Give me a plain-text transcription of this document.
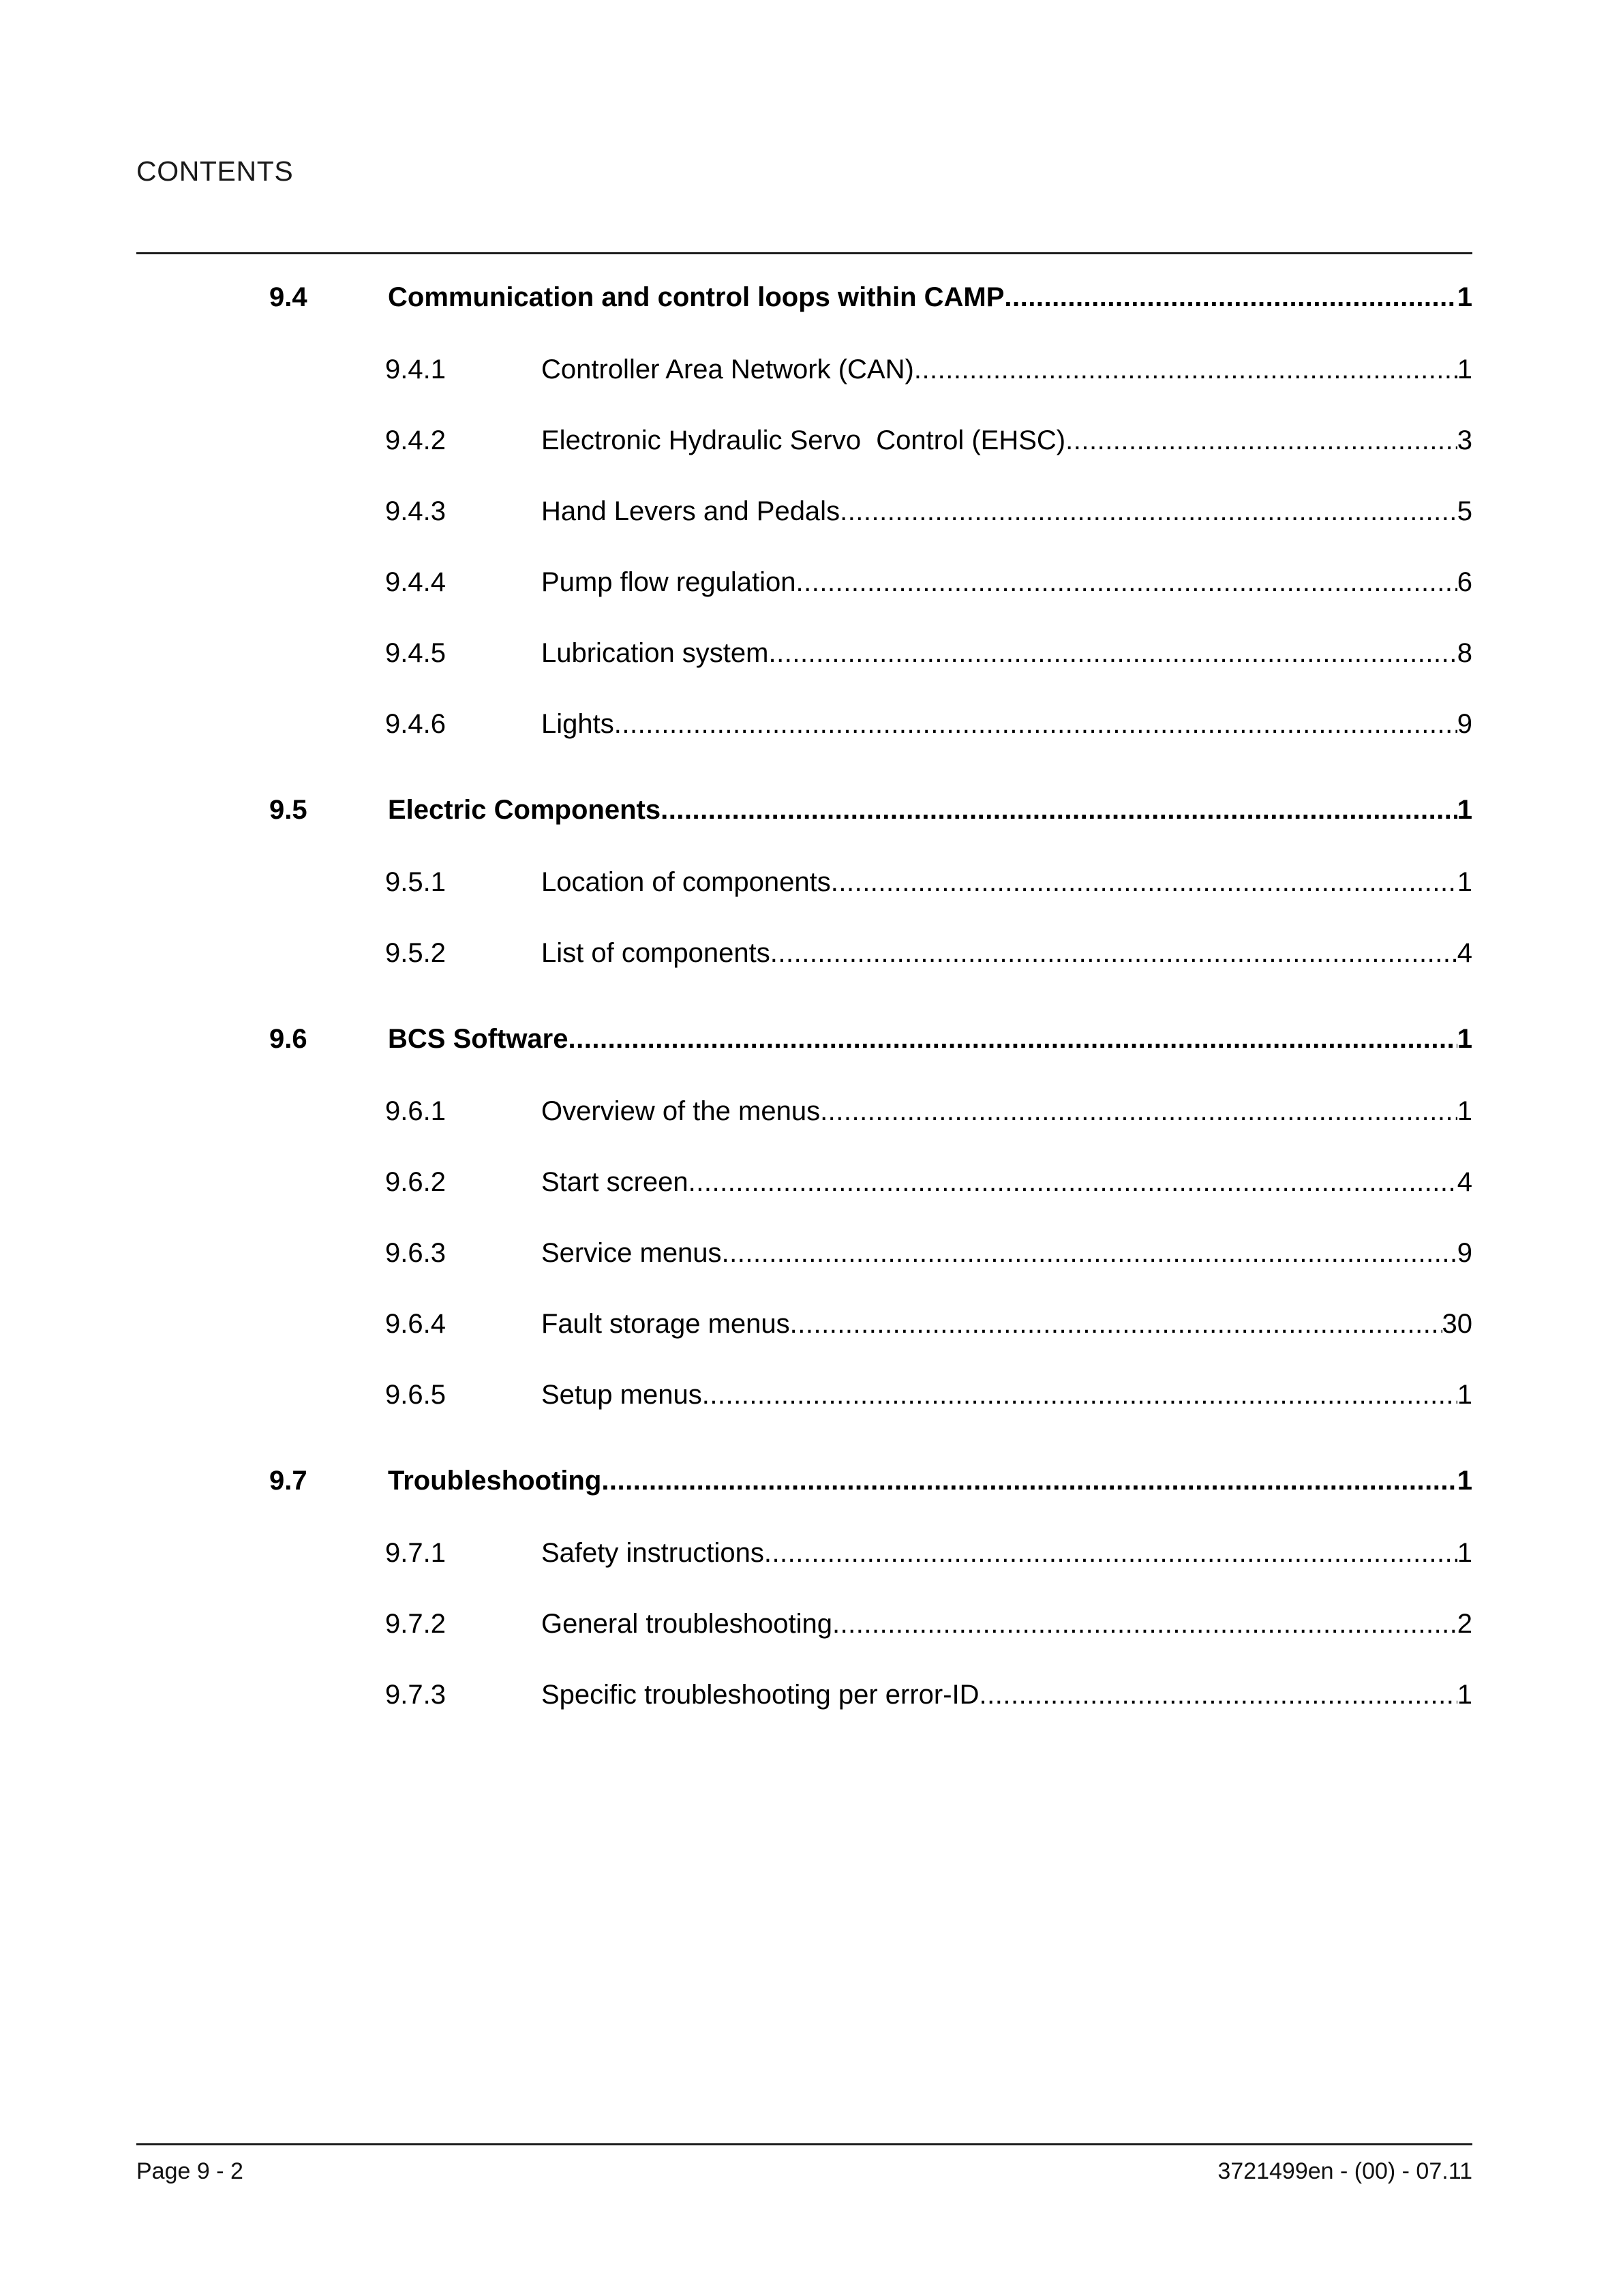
CONTENTS
9.4	Communication and control loops within CAMP .....	1
9.4.1	Controller Area Network (CAN) .....	1
9.4.2	Electronic Hydraulic Servo  Control (EHSC) .....	3
9.4.3	Hand Levers and Pedals .....	5
9.4.4	Pump flow regulation .....	6
9.4.5	Lubrication system .....	8
9.4.6	Lights .....	9
9.5	Electric Components .....	1
9.5.1	Location of components .....	1
9.5.2	List of components .....	4
9.6	BCS Software .....	1
9.6.1	Overview of the menus .....	1
9.6.2	Start screen .....	4
9.6.3	Service menus .....	9
9.6.4	Fault storage menus .....	30
9.6.5	Setup menus .....	1
9.7	Troubleshooting .....	1
9.7.1	Safety instructions .....	1
9.7.2	General troubleshooting .....	2
9.7.3	Specific troubleshooting per error-ID .....	1
Page 9 - 2	3721499en - (00) - 07.11
